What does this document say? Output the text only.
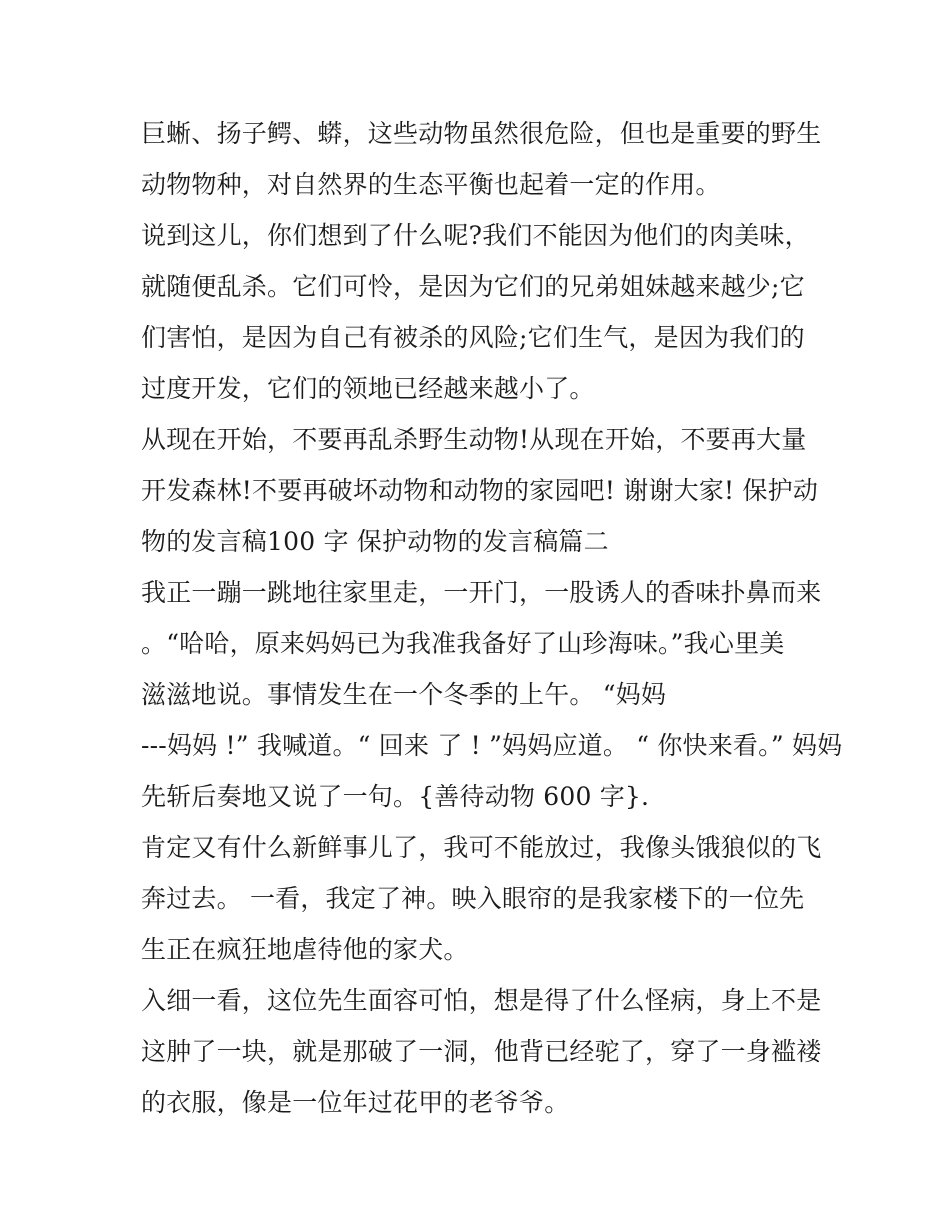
巨蜥、扬子鳄、蟒，这些动物虽然很危险，但也是重要的野生
动物物种，对自然界的生态平衡也起着一定的作用。
说到这儿，你们想到了什么呢?我们不能因为他们的肉美味，
就随便乱杀。它们可怜，是因为它们的兄弟姐妹越来越少;它
们害怕，是因为自己有被杀的风险;它们生气，是因为我们的
过度开发，它们的领地已经越来越小了。
从现在开始，不要再乱杀野生动物!从现在开始，不要再大量
开发森林!不要再破坏动物和动物的家园吧! 谢谢大家! 保护动
物的发言稿100 字 保护动物的发言稿篇二
我正一蹦一跳地往家里走，一开门，一股诱人的香味扑鼻而来
。“哈哈，原来妈妈已为我准我备好了山珍海味。”我心里美
滋滋地说。事情发生在一个冬季的上午。 “妈妈
---妈妈 !” 我喊道。“ 回来 了 ! ”妈妈应道。 “ 你快来看。” 妈妈
先斩后奏地又说了一句。{善待动物 600 字}.
肯定又有什么新鲜事儿了，我可不能放过，我像头饿狼似的飞
奔过去。 一看，我定了神。映入眼帘的是我家楼下的一位先
生正在疯狂地虐待他的家犬。
入细一看，这位先生面容可怕，想是得了什么怪病，身上不是
这肿了一块，就是那破了一洞，他背已经驼了，穿了一身褴褛
的衣服，像是一位年过花甲的老爷爷。
